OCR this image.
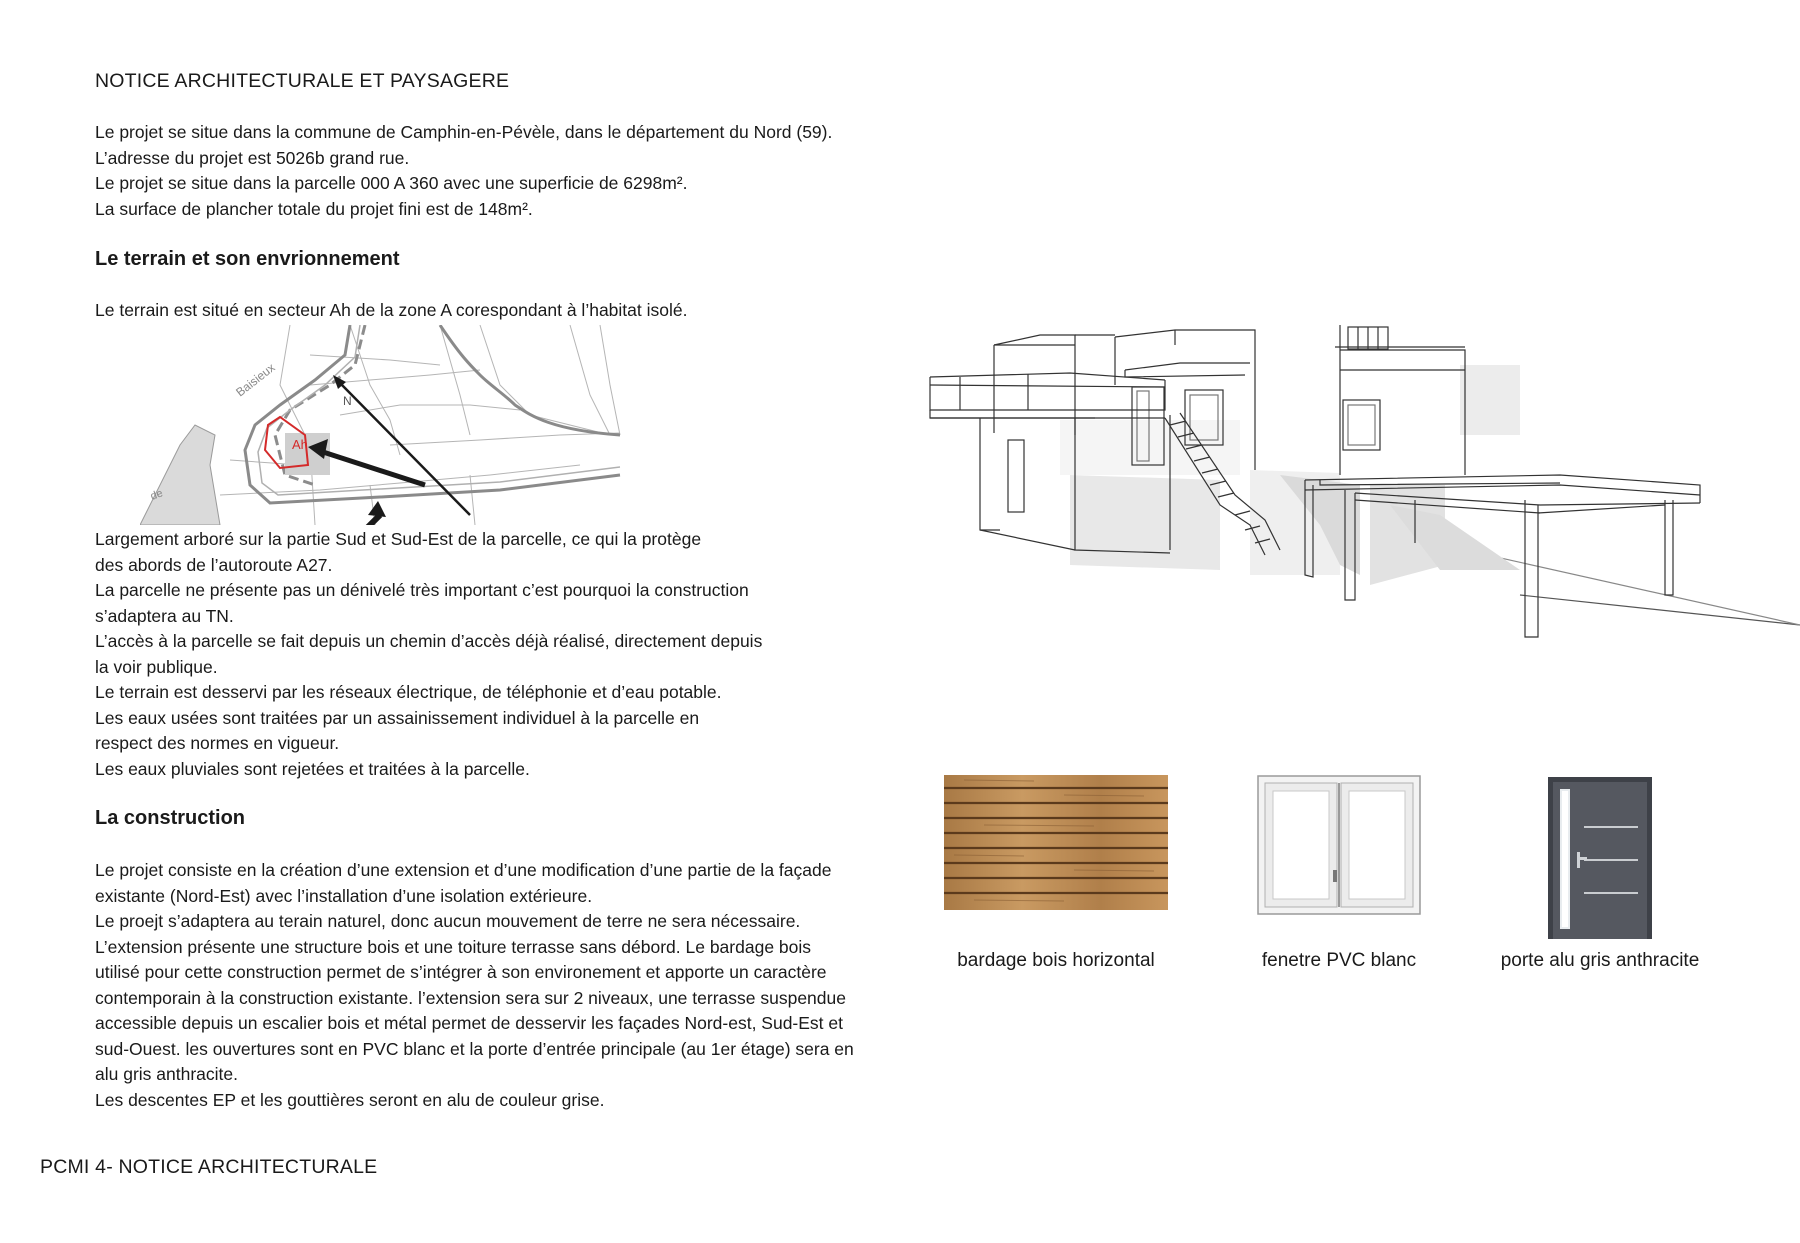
NOTICE ARCHITECTURALE ET PAYSAGERE
Le projet se situe dans la commune de Camphin-en-Pévèle, dans le département du Nord (59).
L’adresse du projet est 5026b grand rue.
Le projet se situe dans la parcelle 000 A 360 avec une superficie de 6298m².
La surface de plancher totale du projet fini est de 148m².
Le terrain et son envrionnement
Le terrain est situé en secteur Ah de la zone A corespondant à l’habitat isolé.
Baisieux
N
Ah
de
Largement arboré sur la partie Sud et Sud-Est de la parcelle, ce qui la protège
des abords de l’autoroute A27.
La parcelle ne présente pas un dénivelé très important c’est pourquoi la construction
s’adaptera au TN.
L’accès à la parcelle se fait depuis un chemin d’accès déjà réalisé, directement depuis
la voir publique.
Le terrain est desservi par les réseaux électrique, de téléphonie et d’eau potable.
Les eaux usées sont traitées par un assainissement individuel à la parcelle en
respect des normes en vigueur.
Les eaux pluviales sont rejetées et traitées à la parcelle.
La construction
Le projet consiste en la création d’une extension et d’une modification d’une partie de la façade
existante (Nord-Est) avec l’installation d’une isolation extérieure.
Le proejt s’adaptera au terain naturel, donc aucun mouvement de terre ne sera nécessaire.
L’extension présente une structure bois et une toiture terrasse sans débord. Le bardage bois
utilisé pour cette construction permet de s’intégrer à son environement et apporte un caractère
contemporain à la construction existante. l’extension sera sur 2 niveaux, une terrasse suspendue
accessible depuis un escalier bois et métal permet de desservir les façades Nord-est, Sud-Est et
sud-Ouest. les ouvertures sont en PVC blanc et la porte d’entrée principale (au 1er étage) sera en
alu gris anthracite.
Les descentes EP et les gouttières seront en alu de couleur grise.
PCMI 4- NOTICE ARCHITECTURALE
bardage bois horizontal	fenetre PVC blanc	porte alu gris anthracite
